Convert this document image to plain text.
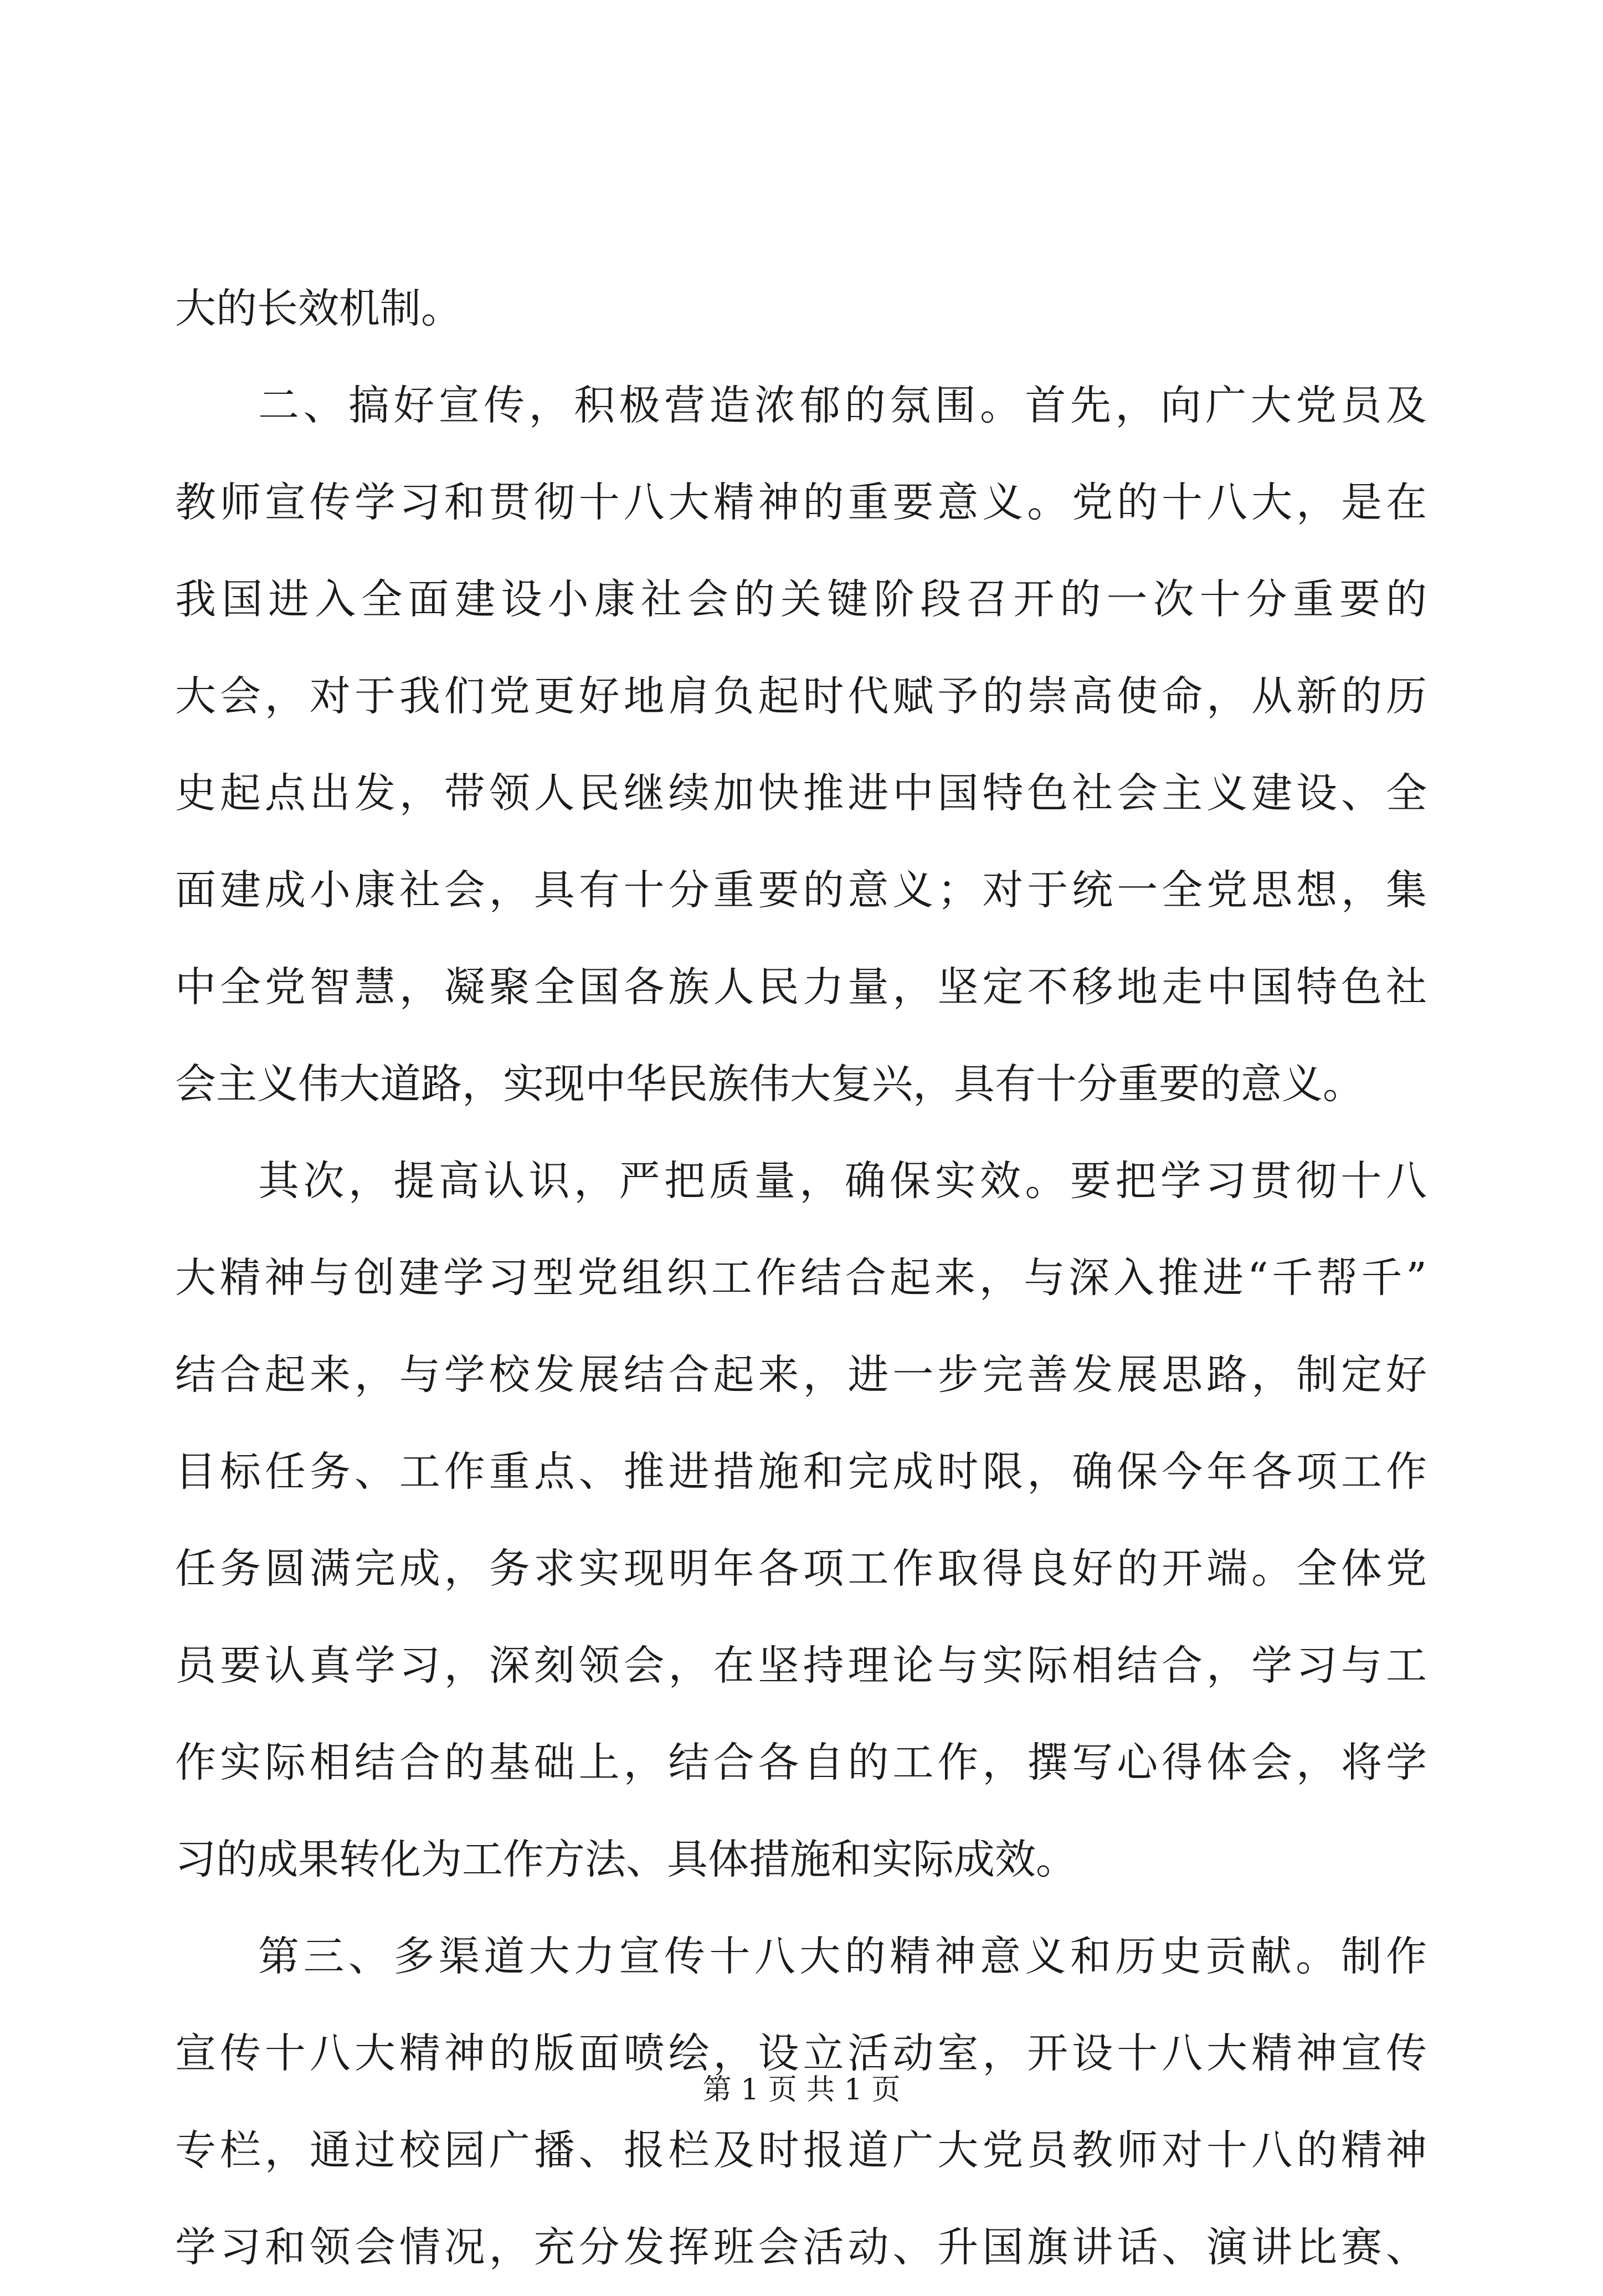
大的长效机制。
二、搞好宣传，积极营造浓郁的氛围。首先，向广大党员及
教师宣传学习和贯彻十八大精神的重要意义。党的十八大，是在
我国进入全面建设小康社会的关键阶段召开的一次十分重要的
大会，对于我们党更好地肩负起时代赋予的崇高使命，从新的历
史起点出发，带领人民继续加快推进中国特色社会主义建设、全
面建成小康社会，具有十分重要的意义；对于统一全党思想，集
中全党智慧，凝聚全国各族人民力量，坚定不移地走中国特色社
会主义伟大道路，实现中华民族伟大复兴，具有十分重要的意义。
其次，提高认识，严把质量，确保实效。要把学习贯彻十八
大精神与创建学习型党组织工作结合起来，与深入推进“千帮千”
结合起来，与学校发展结合起来，进一步完善发展思路，制定好
目标任务、工作重点、推进措施和完成时限，确保今年各项工作
任务圆满完成，务求实现明年各项工作取得良好的开端。全体党
员要认真学习，深刻领会，在坚持理论与实际相结合，学习与工
作实际相结合的基础上，结合各自的工作，撰写心得体会，将学
习的成果转化为工作方法、具体措施和实际成效。
第三、多渠道大力宣传十八大的精神意义和历史贡献。制作
宣传十八大精神的版面喷绘，设立活动室，开设十八大精神宣传
专栏，通过校园广播、报栏及时报道广大党员教师对十八的精神
学习和领会情况，充分发挥班会活动、升国旗讲话、演讲比赛、
第 1 页 共 1 页
